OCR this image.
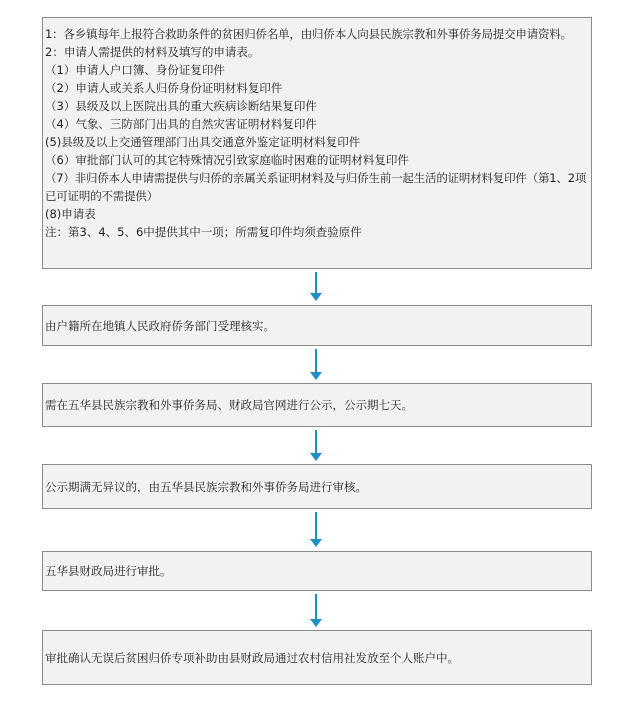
1：各乡镇每年上报符合救助条件的贫困归侨名单，由归侨本人向县民族宗教和外事侨务局提交申请资料。
2：申请人需提供的材料及填写的申请表。
（1）申请人户口簿、身份证复印件
（2）申请人或关系人归侨身份证明材料复印件
（3）县级及以上医院出具的重大疾病诊断结果复印件
（4）气象、三防部门出具的自然灾害证明材料复印件
(5)县级及以上交通管理部门出具交通意外鉴定证明材料复印件
（6）审批部门认可的其它特殊情况引致家庭临时困难的证明材料复印件
（7）非归侨本人申请需提供与归侨的亲属关系证明材料及与归侨生前一起生活的证明材料复印件（第1、2项已可证明的不需提供）
(8)申请表
注：第3、4、5、6中提供其中一项；所需复印件均须查验原件
由户籍所在地镇人民政府侨务部门受理核实。
需在五华县民族宗教和外事侨务局、财政局官网进行公示，公示期七天。
公示期满无异议的，由五华县民族宗教和外事侨务局进行审核。
五华县财政局进行审批。
审批确认无误后贫困归侨专项补助由县财政局通过农村信用社发放至个人账户中。
